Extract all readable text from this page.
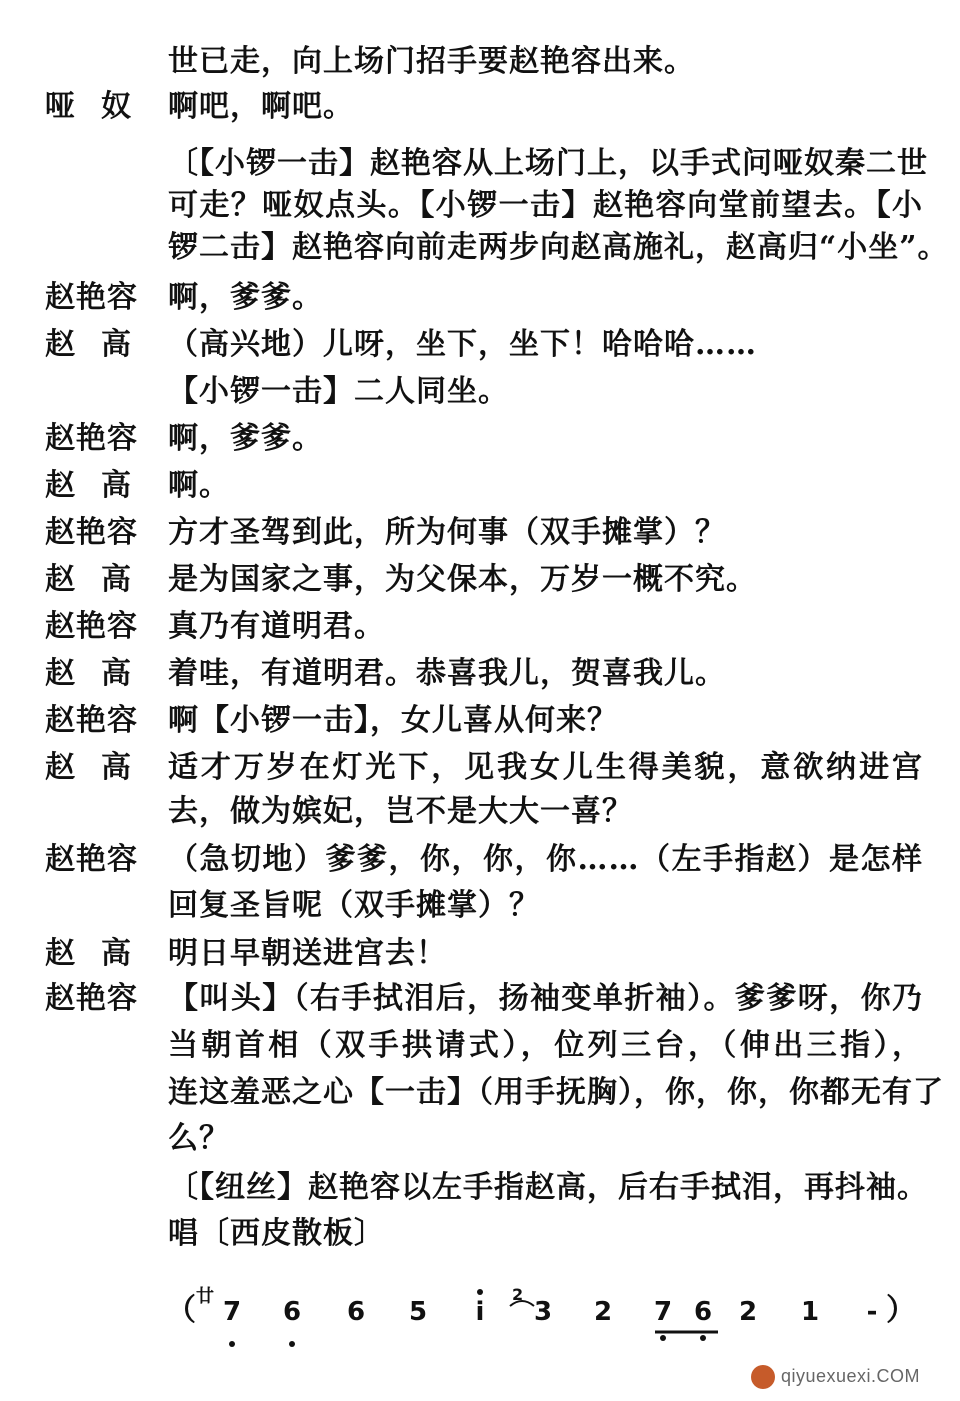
世已走，向上场门招手要赵艳容出来。
哑奴 啊吧，啊吧。
〔【小锣一击】赵艳容从上场门上，以手式问哑奴秦二世
可走？哑奴点头。【小锣一击】赵艳容向堂前望去。【小
锣二击】赵艳容向前走两步向赵高施礼，赵高归“小坐”。
赵艳容	啊，爹爹。
赵高 （高兴地）儿呀，坐下，坐下！哈哈哈……
【小锣一击】二人同坐。
赵艳容	啊，爹爹。
赵高 啊。
赵艳容	方才圣驾到此，所为何事（双手摊掌）？
赵高 是为国家之事，为父保本，万岁一概不究。
赵艳容	真乃有道明君。
赵高 着哇，有道明君。恭喜我儿，贺喜我儿。
赵艳容	啊【小锣一击】，女儿喜从何来？
赵高 适才万岁在灯光下，见我女儿生得美貌，意欲纳进宫
去，做为嫔妃，岂不是大大一喜？
赵艳容	（急切地）爹爹，你，你，你……（左手指赵）是怎样
回复圣旨呢（双手摊掌）？
赵高 明日早朝送进宫去！
赵艳容	【叫头】（右手拭泪后，扬袖变单折袖）。爹爹呀，你乃
当朝首相（双手拱请式），位列三台，（伸出三指），
连这羞恶之心【一击】（用手抚胸），你，你，你都无有了
么？
〔【纽丝】赵艳容以左手指赵高，后右手拭泪，再抖袖。
唱〔西皮散板〕
（ 廿	2
7 6 6 5 i 3 2 7 6 2 1 - ）
qiyuexuexi.COM
